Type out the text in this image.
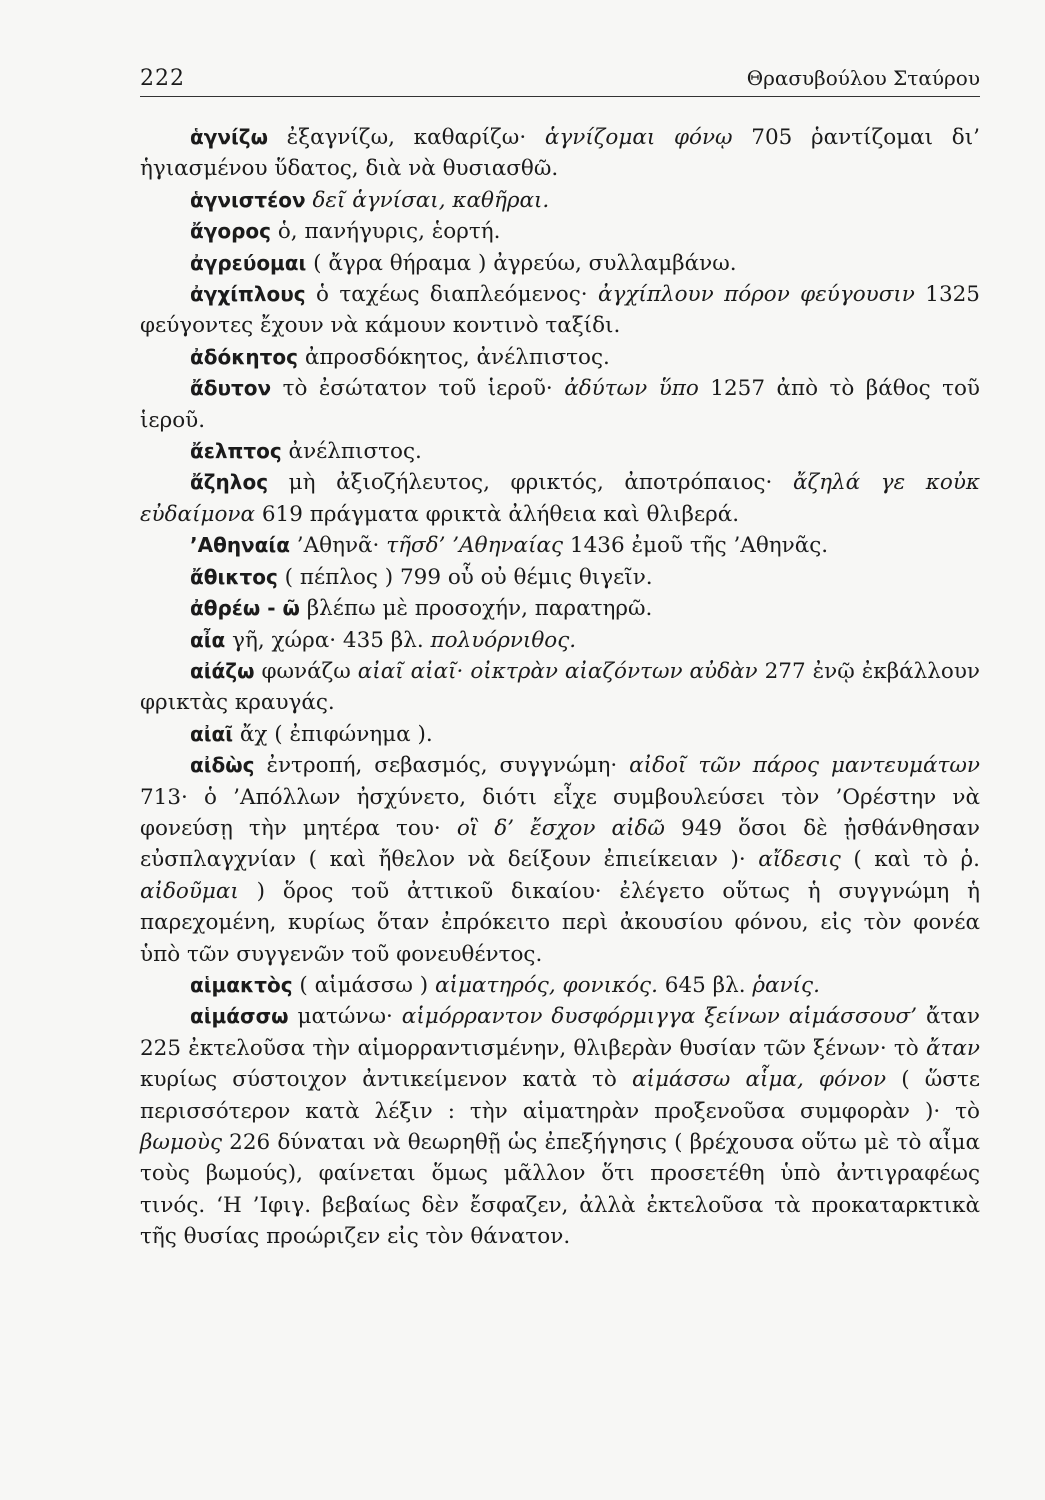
222	Θρασυβούλου Σταύρου

ἁγνίζω ἐξαγνίζω, καθαρίζω· ἁγνίζομαι φόνῳ 705 ῥαντίζομαι δι’ ἡγιασμένου ὕδατος, διὰ νὰ θυσιασθῶ.

ἁγνιστέον δεῖ ἁγνίσαι, καθῆραι.

ἄγορος ὁ, πανήγυρις, ἑορτή.

ἀγρεύομαι ( ἄγρα θήραμα ) ἀγρεύω, συλλαμβάνω.

ἀγχίπλους ὁ ταχέως διαπλεόμενος· ἀγχίπλουν πόρον φεύγουσιν 1325 φεύγοντες ἔχουν νὰ κάμουν κοντινὸ ταξίδι.

ἀδόκητος ἀπροσδόκητος, ἀνέλπιστος.

ἄδυτον τὸ ἐσώτατον τοῦ ἱεροῦ· ἀδύτων ὕπο 1257 ἀπὸ τὸ βάθος τοῦ ἱεροῦ.

ἄελπτος ἀνέλπιστος.

ἄζηλος μὴ ἀξιοζήλευτος, φρικτός, ἀποτρόπαιος· ἄζηλά γε κοὐκ εὐδαίμονα 619 πράγματα φρικτὰ ἀλήθεια καὶ θλιβερά.

’Αθηναία ’Αθηνᾶ· τῆσδ’ ’Αθηναίας 1436 ἐμοῦ τῆς ’Αθηνᾶς.

ἄθικτος ( πέπλος ) 799 οὗ οὐ θέμις θιγεῖν.

ἀθρέω - ῶ βλέπω μὲ προσοχήν, παρατηρῶ.

αἶα γῆ, χώρα· 435 βλ. πολυόρνιθος.

αἰάζω φωνάζω αἰαῖ αἰαῖ· οἰκτρὰν αἰαζόντων αὐδὰν 277 ἐνῷ ἐκβάλλουν φρικτὰς κραυγάς.

αἰαῖ ἄχ ( ἐπιφώνημα ).

αἰδὼς ἐντροπή, σεβασμός, συγγνώμη· αἰδοῖ τῶν πάρος μαντευμάτων 713· ὁ ’Απόλλων ἠσχύνετο, διότι εἶχε συμβουλεύσει τὸν ’Ορέστην νὰ φονεύσῃ τὴν μητέρα του· οἳ δ’ ἔσχον αἰδῶ 949 ὅσοι δὲ ᾐσθάνθησαν εὐσπλαγχνίαν ( καὶ ἤθελον νὰ δείξουν ἐπιείκειαν )· αἴδεσις ( καὶ τὸ ῥ. αἰδοῦμαι ) ὅρος τοῦ ἀττικοῦ δικαίου· ἐλέγετο οὕτως ἡ συγγνώμη ἡ παρεχομένη, κυρίως ὅταν ἐπρόκειτο περὶ ἀκουσίου φόνου, εἰς τὸν φονέα ὑπὸ τῶν συγγενῶν τοῦ φονευθέντος.

αἱμακτὸς ( αἱμάσσω ) αἱματηρός, φονικός. 645 βλ. ῥανίς.

αἱμάσσω ματώνω· αἱμόρραντον δυσφόρμιγγα ξείνων αἱμάσσουσ’ ἄταν 225 ἐκτελοῦσα τὴν αἱμορραντισμένην, θλιβερὰν θυσίαν τῶν ξένων· τὸ ἄταν κυρίως σύστοιχον ἀντικείμενον κατὰ τὸ αἱμάσσω αἷμα, φόνον ( ὥστε περισσότερον κατὰ λέξιν : τὴν αἱματηρὰν προξενοῦσα συμφορὰν )· τὸ βωμοὺς 226 δύναται νὰ θεωρηθῇ ὡς ἐπεξήγησις ( βρέχουσα οὕτω μὲ τὸ αἷμα τοὺς βωμούς), φαίνεται ὅμως μᾶλλον ὅτι προσετέθη ὑπὸ ἀντιγραφέως τινός. ‘Η ’Ιφιγ. βεβαίως δὲν ἔσφαζεν, ἀλλὰ ἐκτελοῦσα τὰ προκαταρκτικὰ τῆς θυσίας προώριζεν εἰς τὸν θάνατον.
